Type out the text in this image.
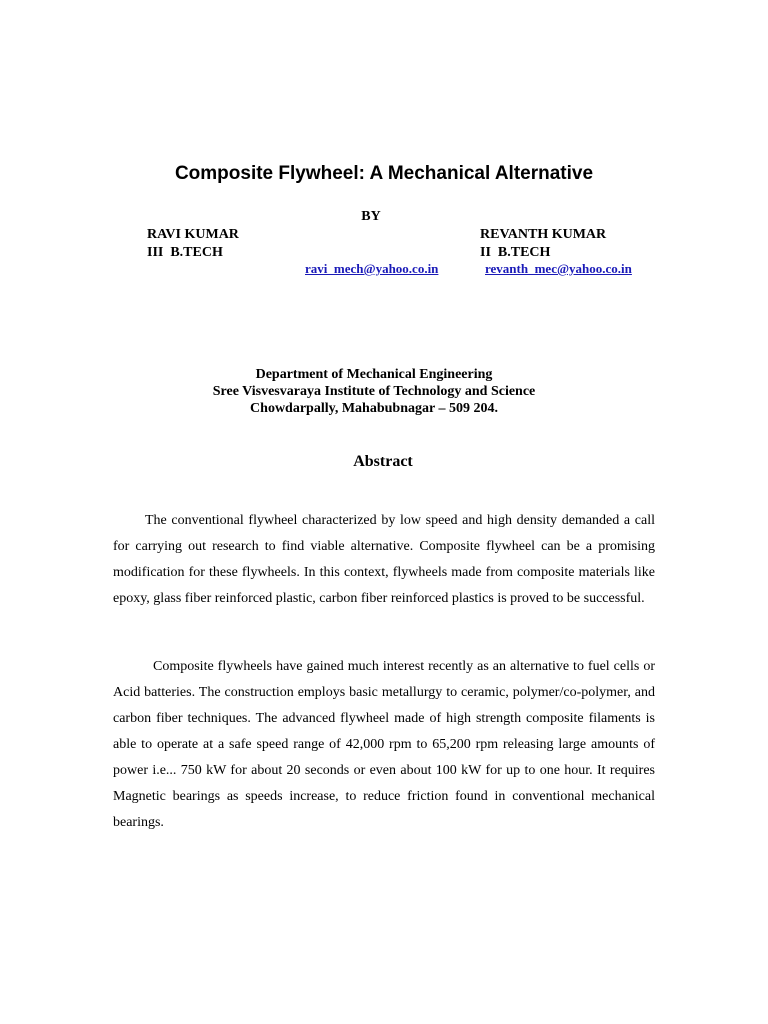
Composite Flywheel: A Mechanical Alternative
BY
RAVI KUMAR
III  B.TECH
REVANTH KUMAR
II  B.TECH
ravi_mech@yahoo.co.in	revanth_mec@yahoo.co.in
Department of Mechanical Engineering
Sree Visvesvaraya Institute of Technology and Science
Chowdarpally, Mahabubnagar – 509 204.
Abstract
The conventional flywheel characterized by low speed and high density demanded a call for carrying out research to find viable alternative. Composite flywheel can be a promising modification for these flywheels. In this context, flywheels made from composite materials like epoxy, glass fiber reinforced plastic, carbon fiber reinforced plastics is proved to be successful.
Composite flywheels have gained much interest recently as an alternative to fuel cells or Acid batteries. The construction employs basic metallurgy to ceramic, polymer/co-polymer, and carbon fiber techniques. The advanced flywheel made of high strength composite filaments is able to operate at a safe speed range of 42,000 rpm to 65,200 rpm releasing large amounts of power i.e... 750 kW for about 20 seconds or even about 100 kW for up to one hour. It requires Magnetic bearings as speeds increase, to reduce friction found in conventional mechanical bearings.
